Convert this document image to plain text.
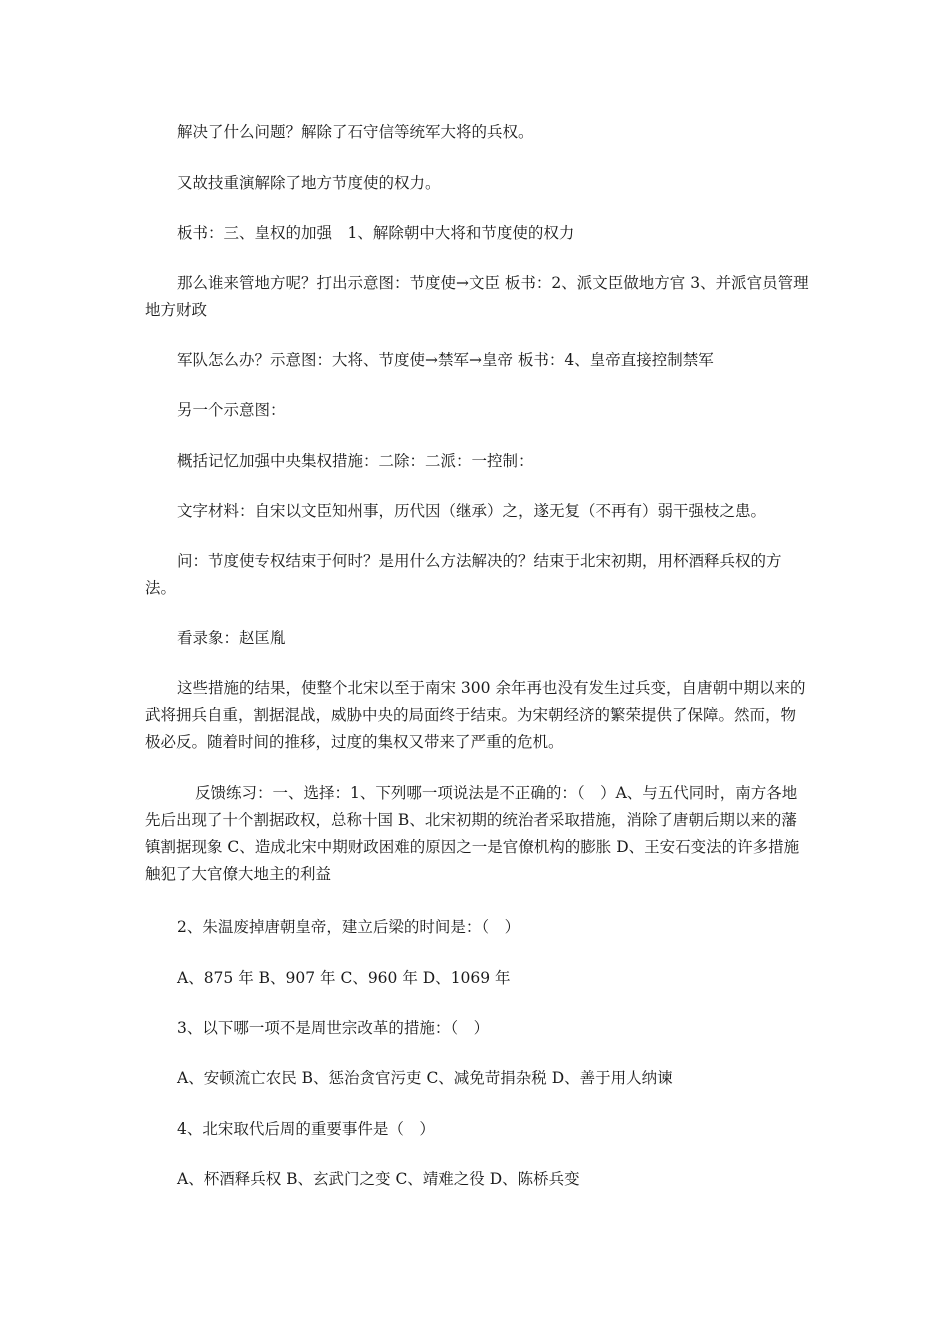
解决了什么问题？解除了石守信等统军大将的兵权。

又故技重演解除了地方节度使的权力。

板书：三、皇权的加强　1、解除朝中大将和节度使的权力

那么谁来管地方呢？打出示意图：节度使→文臣 板书：2、派文臣做地方官 3、并派官员管理地方财政

军队怎么办？示意图：大将、节度使→禁军→皇帝 板书：4、皇帝直接控制禁军

另一个示意图：

概括记忆加强中央集权措施：二除：二派：一控制：

文字材料：自宋以文臣知州事，历代因（继承）之，遂无复（不再有）弱干强枝之患。

问：节度使专权结束于何时？是用什么方法解决的？结束于北宋初期，用杯酒释兵权的方法。

看录象：赵匡胤

这些措施的结果，使整个北宋以至于南宋 300 余年再也没有发生过兵变，自唐朝中期以来的武将拥兵自重，割据混战，威胁中央的局面终于结束。为宋朝经济的繁荣提供了保障。然而，物极必反。随着时间的推移，过度的集权又带来了严重的危机。

反馈练习：一、选择：1、下列哪一项说法是不正确的：（　）A、与五代同时，南方各地先后出现了十个割据政权，总称十国 B、北宋初期的统治者采取措施，消除了唐朝后期以来的藩镇割据现象 C、造成北宋中期财政困难的原因之一是官僚机构的膨胀 D、王安石变法的许多措施触犯了大官僚大地主的利益

2、朱温废掉唐朝皇帝，建立后梁的时间是：（　）

A、875 年 B、907 年 C、960 年 D、1069 年

3、以下哪一项不是周世宗改革的措施：（　）

A、安顿流亡农民 B、惩治贪官污吏 C、减免苛捐杂税 D、善于用人纳谏

4、北宋取代后周的重要事件是（　）

A、杯酒释兵权 B、玄武门之变 C、靖难之役 D、陈桥兵变
